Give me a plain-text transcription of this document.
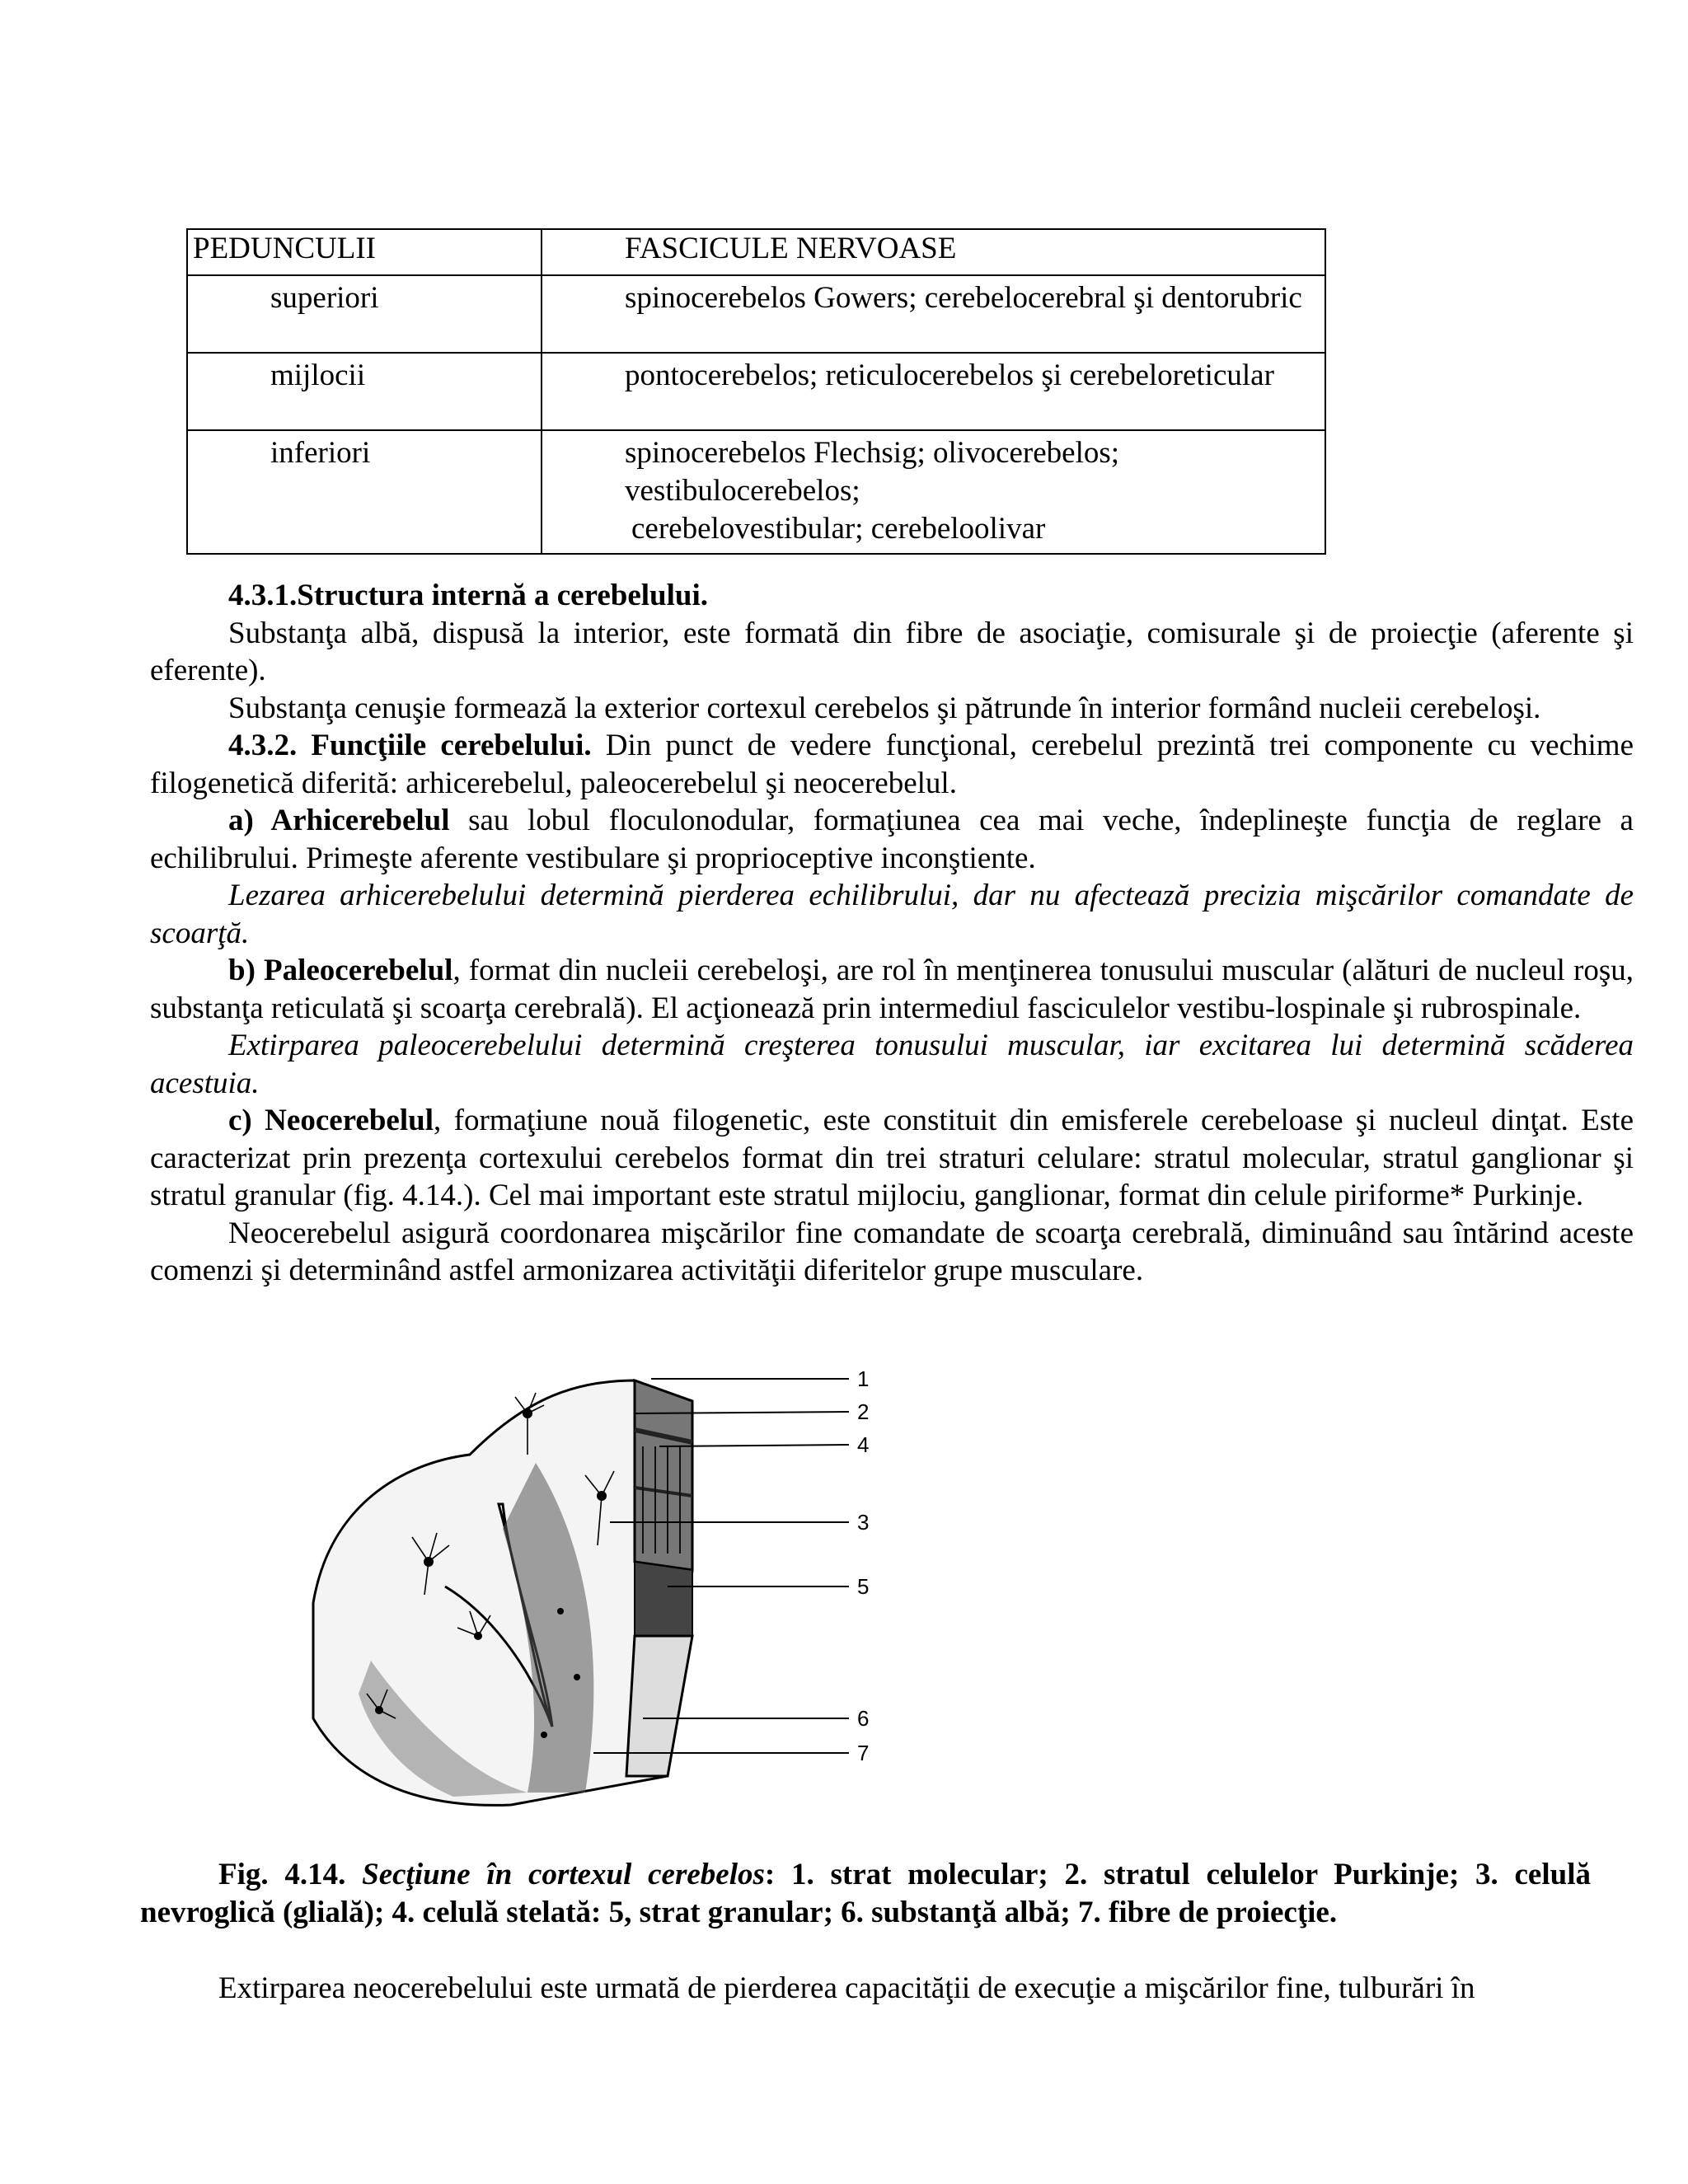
PEDUNCULII	FASCICULE NERVOASE
superiori	spinocerebelos Gowers; cerebelocerebral şi dentorubric
mijlocii	pontocerebelos; reticulocerebelos şi cerebeloreticular
inferiori	spinocerebelos Flechsig; olivocerebelos; vestibulocerebelos;
cerebelovestibular; cerebeloolivar

4.3.1.Structura internă a cerebelului.

Substanţa albă, dispusă la interior, este formată din fibre de asociaţie, comisurale şi de proiecţie (aferente şi eferente).

Substanţa cenuşie formează la exterior cortexul cerebelos şi pătrunde în interior formând nucleii cerebeloşi.

4.3.2. Funcţiile cerebelului. Din punct de vedere funcţional, cerebelul prezintă trei componente cu vechime filogenetică diferită: arhicerebelul, paleocerebelul şi neocerebelul.

a) Arhicerebelul sau lobul floculonodular, formaţiunea cea mai veche, îndeplineşte funcţia de reglare a echilibrului. Primeşte aferente vestibulare şi proprioceptive inconştiente.

Lezarea arhicerebelului determină pierderea echilibrului, dar nu afectează precizia mişcărilor comandate de scoarţă.

b) Paleocerebelul, format din nucleii cerebeloşi, are rol în menţinerea tonusului muscular (alături de nucleul roşu, substanţa reticulată şi scoarţa cerebrală). El acţionează prin intermediul fasciculelor vestibu-lospinale şi rubrospinale.

Extirparea paleocerebelului determină creşterea tonusului muscular, iar excitarea lui determină scăderea acestuia.

c) Neocerebelul, formaţiune nouă filogenetic, este constituit din emisferele cerebeloase şi nucleul dinţat. Este caracterizat prin prezenţa cortexului cerebelos format din trei straturi celulare: stratul molecular, stratul ganglionar şi stratul granular (fig. 4.14.). Cel mai important este stratul mijlociu, ganglionar, format din celule piriforme* Purkinje.

Neocerebelul asigură coordonarea mişcărilor fine comandate de scoarţa cerebrală, diminuând sau întărind aceste comenzi şi determinând astfel armonizarea activităţii diferitelor grupe musculare.

1
2
4
3
5
6
7
Fig. 4.14. Secţiune în cortexul cerebelos: 1. strat molecular; 2. stratul celulelor Purkinje; 3. celulă nevroglică (glială); 4. celulă stelată: 5, strat granular; 6. substanţă albă; 7. fibre de proiecţie.
Extirparea neocerebelului este urmată de pierderea capacităţii de execuţie a mişcărilor fine, tulburări în
